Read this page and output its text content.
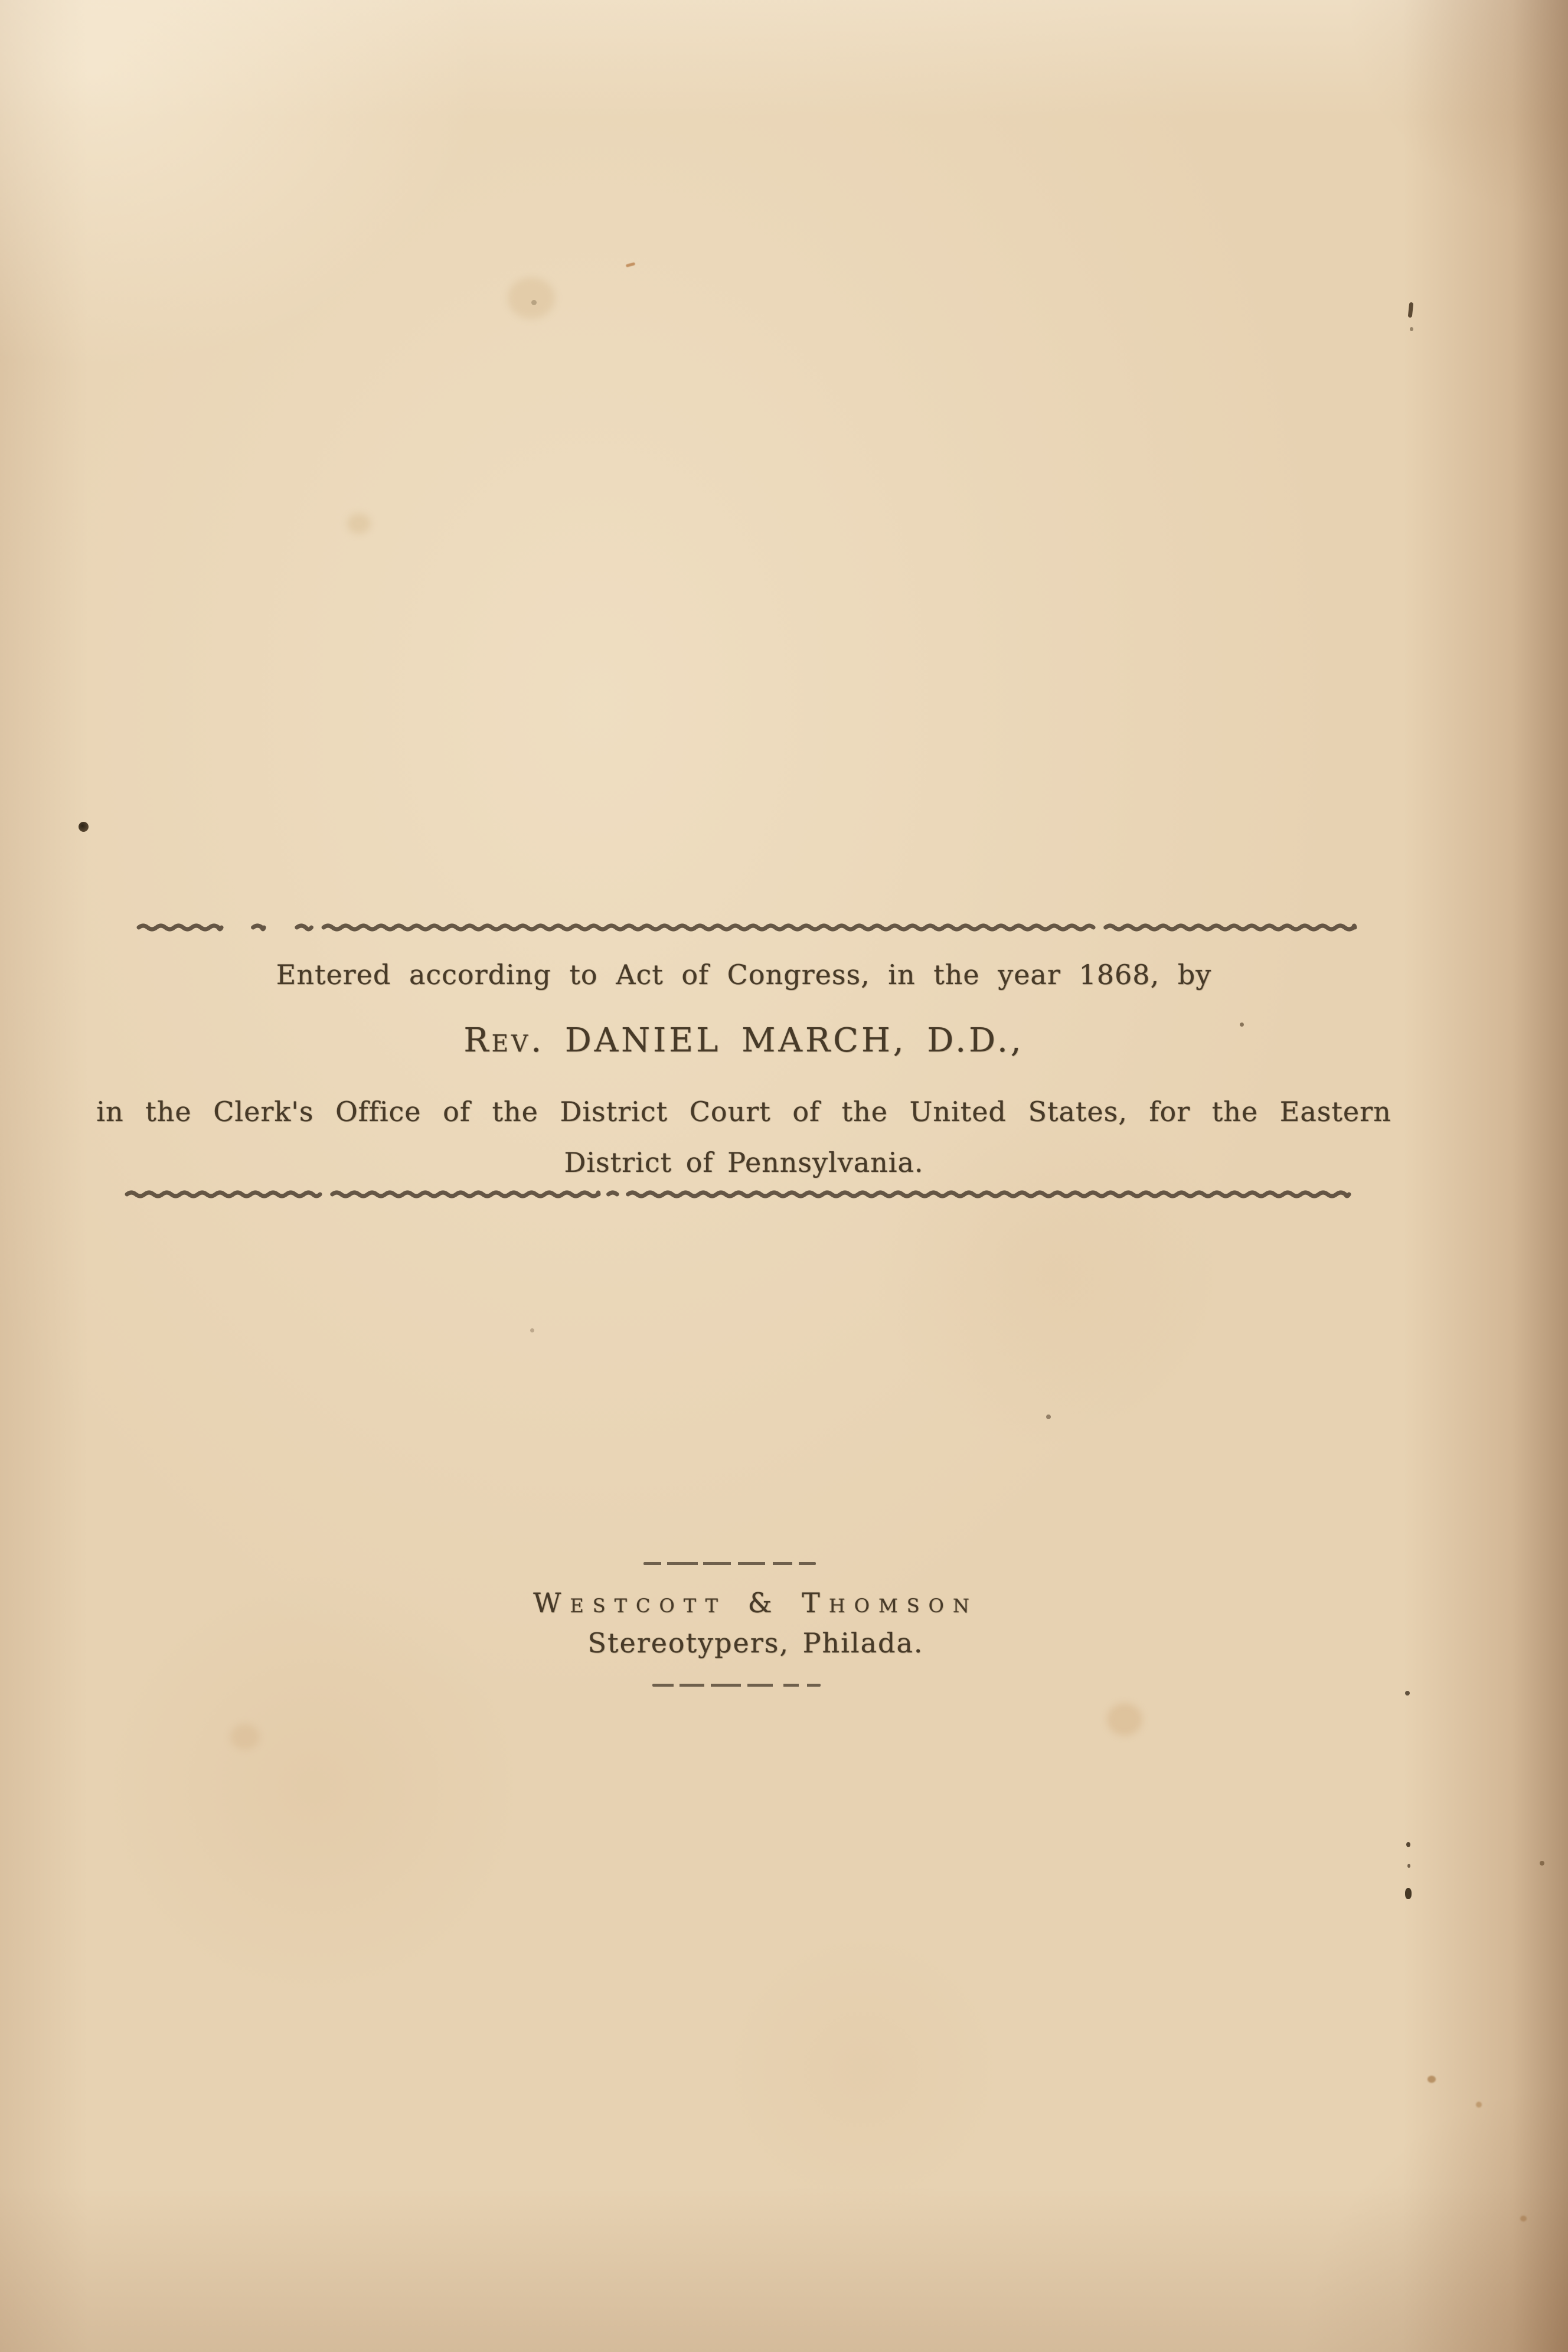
Entered according to Act of Congress, in the year 1868, by
Rev. DANIEL MARCH, D.D.,
in the Clerk's Office of the District Court of the United States, for the Eastern
District of Pennsylvania.
Westcott & Thomson
Stereotypers, Philada.
